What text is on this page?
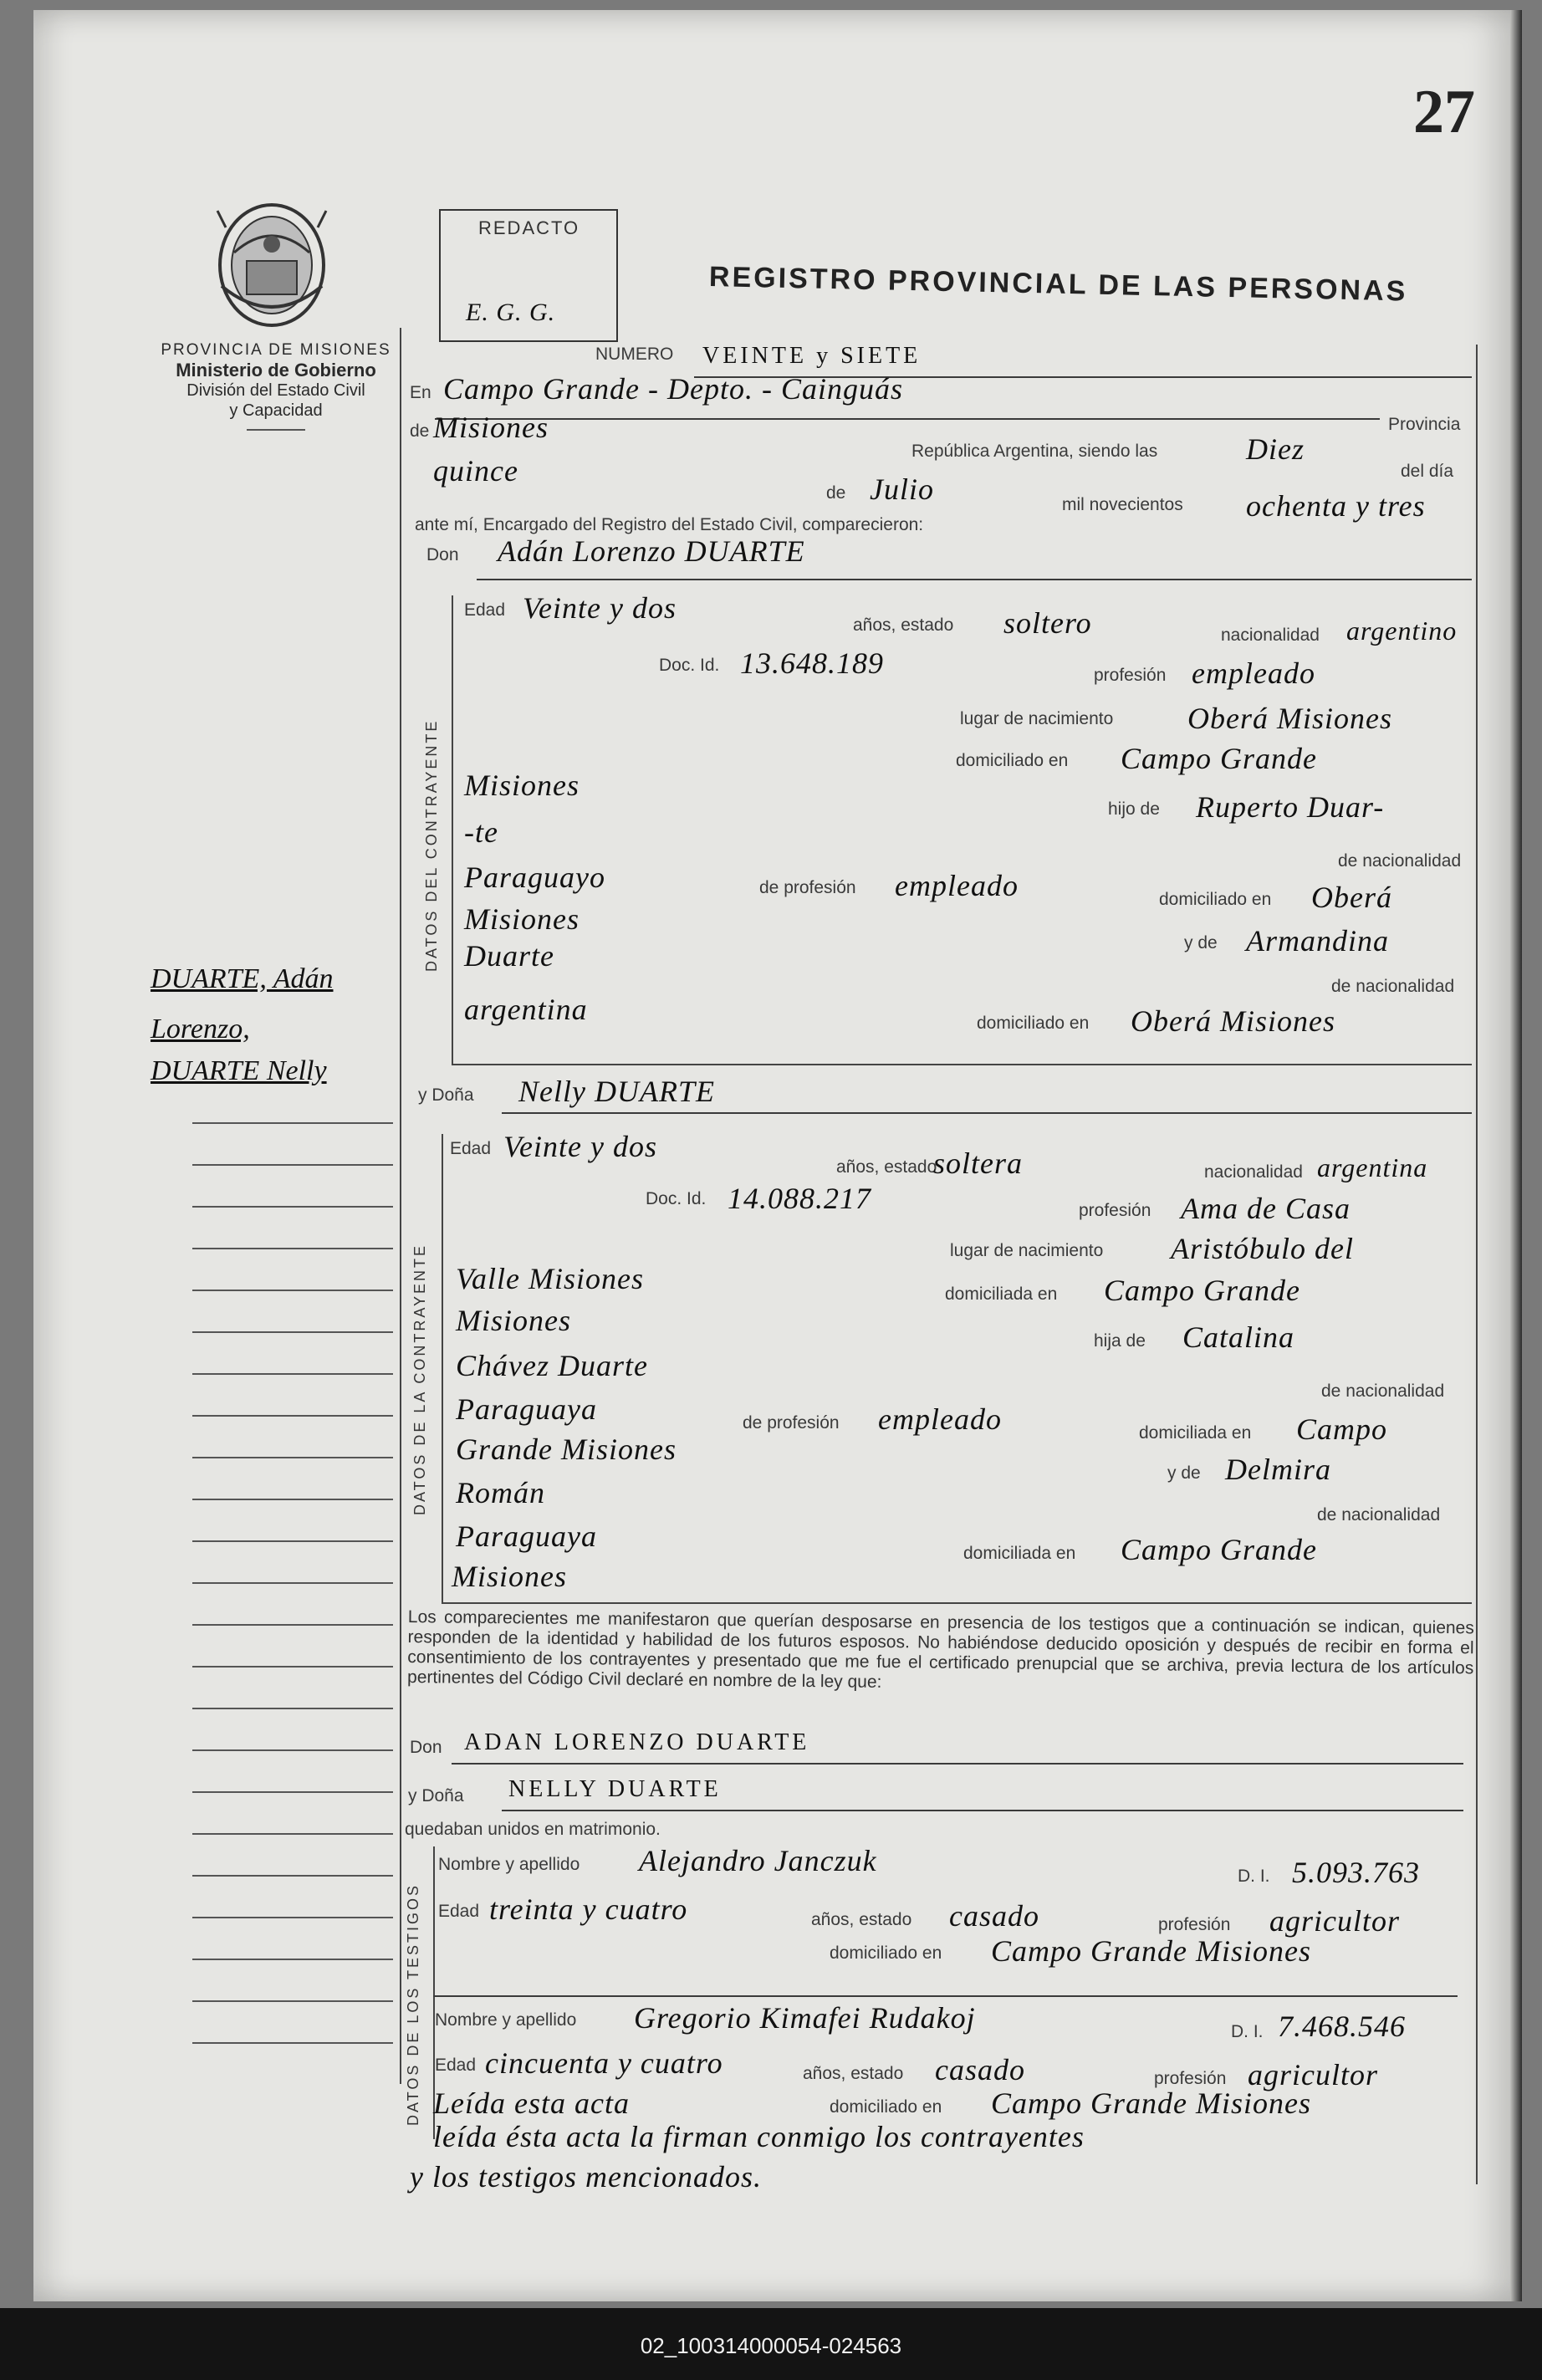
27
PROVINCIA DE MISIONES
Ministerio de Gobierno
División del Estado Civil
y Capacidad
REDACTO
E. G. G.
REGISTRO PROVINCIAL DE LAS PERSONAS
NUMERO VEINTE y SIETE
En Campo Grande - Depto. - Cainguás
Provincia
de Misiones
República Argentina, siendo las	Diez
del día
quince
de Julio	mil novecientos ochenta y tres
ante mí, Encargado del Registro del Estado Civil, comparecieron:
Don Adán Lorenzo DUARTE
DATOS DEL CONTRAYENTE
Edad Veinte y dos
años, estado soltero	nacionalidad argentino
Doc. Id. 13.648.189	profesión empleado
lugar de nacimiento Oberá Misiones
domiciliado en Campo Grande
Misiones
hijo de Ruperto Duar-
-te
de nacionalidad
Paraguayo	de profesión empleado	domiciliado en Oberá
Misiones
y de Armandina
Duarte
de nacionalidad
argentina	domiciliado en Oberá Misiones
DUARTE, Adán
Lorenzo,
DUARTE Nelly
y Doña Nelly DUARTE
DATOS DE LA CONTRAYENTE
Edad Veinte y dos
años, estado
soltera	nacionalidad argentina
Doc. Id. 14.088.217	profesión Ama de Casa
lugar de nacimiento Aristóbulo del
Valle Misiones	domiciliada en Campo Grande
Misiones
hija de Catalina
Chávez Duarte
de nacionalidad
Paraguaya	de profesión empleado	domiciliada en Campo
Grande Misiones
y de Delmira
Román
de nacionalidad
Paraguaya
domiciliada en Campo Grande
Misiones
Los comparecientes me manifestaron que querían desposarse en presencia de los testigos que a continuación se indican, quienes responden de la identidad y habilidad de los futuros esposos. No habiéndose deducido oposición y después de recibir en forma el consentimiento de los contrayentes y presentado que me fue el certificado prenupcial que se archiva, previa lectura de los artículos pertinentes del Código Civil declaré en nombre de la ley que:
Don ADAN LORENZO DUARTE
y Doña NELLY DUARTE
quedaban unidos en matrimonio.
DATOS DE LOS TESTIGOS
Nombre y apellido Alejandro Janczuk	D. I. 5.093.763
Edad treinta y cuatro	años, estado casado	profesión agricultor
domiciliado en Campo Grande Misiones
Nombre y apellido Gregorio Kimafei Rudakoj	D. I. 7.468.546
Edad cincuenta y cuatro	años, estado casado	profesión agricultor
Leída esta acta	domiciliado en Campo Grande Misiones
leída ésta acta la firman conmigo los contrayentes
y los testigos mencionados.
02_100314000054-024563
